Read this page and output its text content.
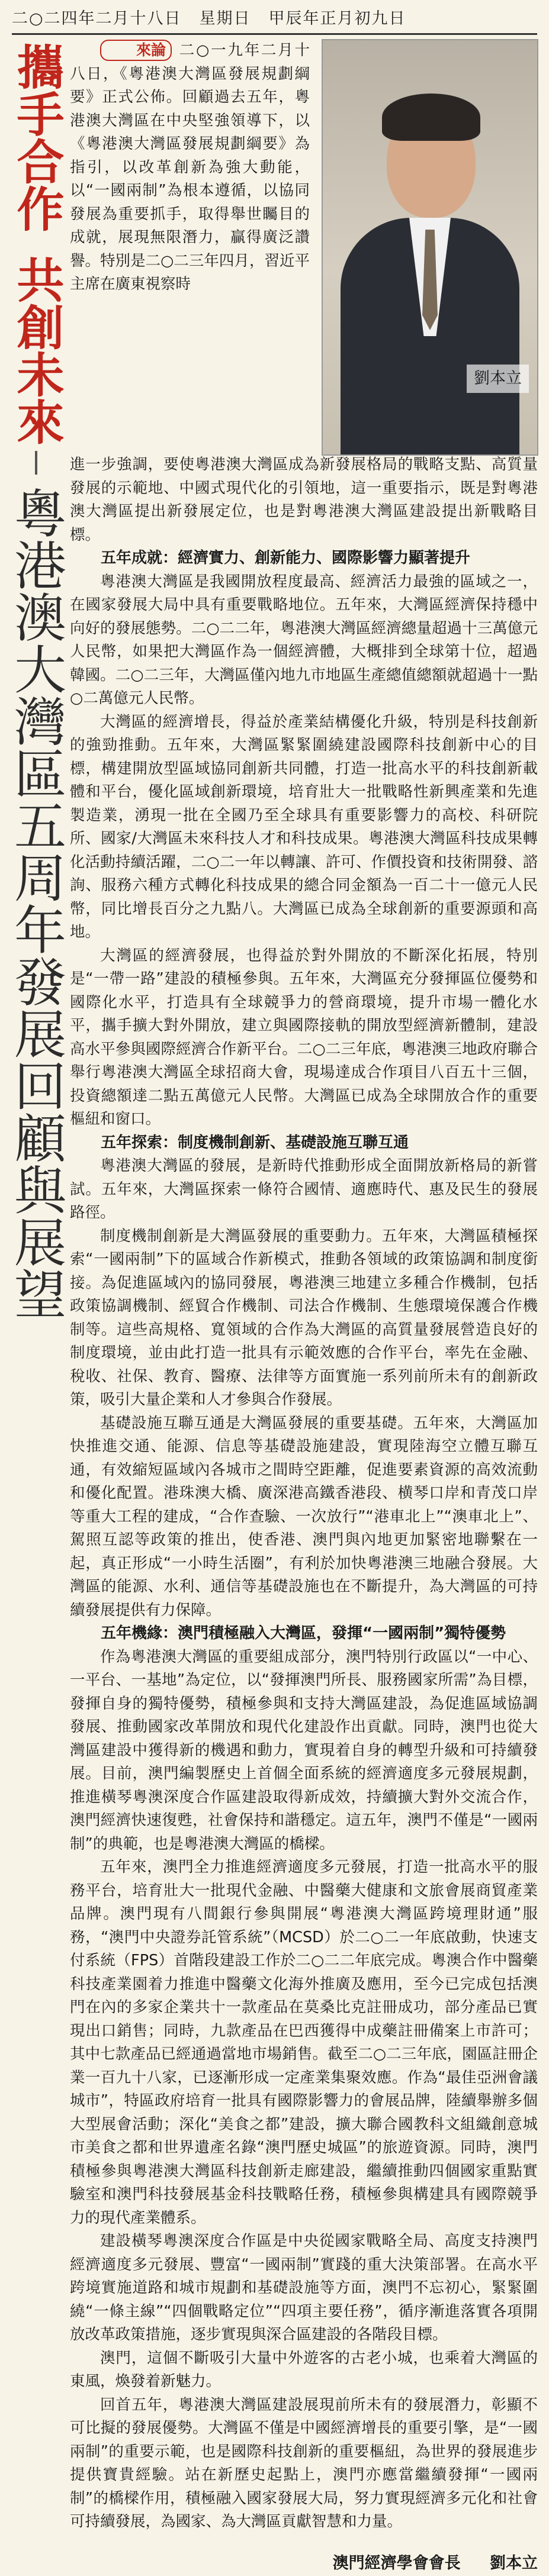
二○二四年二月十八日 星期日 甲辰年正月初九日
攜手合作
共創未來
粵港澳大灣區五周年發展回顧與展望

來論 二○一九年二月十八日，《粵港澳大灣區發展規劃綱要》正式公佈。回顧過去五年，粵港澳大灣區在中央堅強領導下，以《粵港澳大灣區發展規劃綱要》為指引，以改革創新為強大動能，以“一國兩制”為根本遵循，以協同發展為重要抓手，取得舉世矚目的成就，展現無限潛力，贏得廣泛讚譽。特別是二○二三年四月，習近平主席在廣東視察時

劉本立

進一步強調，要使粵港澳大灣區成為新發展格局的戰略支點、高質量發展的示範地、中國式現代化的引領地，這一重要指示，既是對粵港澳大灣區提出新發展定位，也是對粵港澳大灣區建設提出新戰略目標。

五年成就：經濟實力、創新能力、國際影響力顯著提升

粵港澳大灣區是我國開放程度最高、經濟活力最強的區域之一，在國家發展大局中具有重要戰略地位。五年來，大灣區經濟保持穩中向好的發展態勢。二○二二年，粵港澳大灣區經濟總量超過十三萬億元人民幣，如果把大灣區作為一個經濟體，大概排到全球第十位，超過韓國。二○二三年，大灣區僅內地九市地區生產總值總額就超過十一點○二萬億元人民幣。

大灣區的經濟增長，得益於產業結構優化升級，特別是科技創新的強勁推動。五年來，大灣區緊緊圍繞建設國際科技創新中心的目標，構建開放型區域協同創新共同體，打造一批高水平的科技創新載體和平台，優化區域創新環境，培育壯大一批戰略性新興產業和先進製造業，湧現一批在全國乃至全球具有重要影響力的高校、科研院所、國家/大灣區未來科技人才和科技成果。粵港澳大灣區科技成果轉化活動持續活躍，二○二一年以轉讓、許可、作價投資和技術開發、諮詢、服務六種方式轉化科技成果的總合同金額為一百二十一億元人民幣，同比增長百分之九點八。大灣區已成為全球創新的重要源頭和高地。

大灣區的經濟發展，也得益於對外開放的不斷深化拓展，特別是“一帶一路”建設的積極參與。五年來，大灣區充分發揮區位優勢和國際化水平，打造具有全球競爭力的營商環境，提升市場一體化水平，攜手擴大對外開放，建立與國際接軌的開放型經濟新體制，建設高水平參與國際經濟合作新平台。二○二三年底，粵港澳三地政府聯合舉行粵港澳大灣區全球招商大會，現場達成合作項目八百五十三個，投資總額達二點五萬億元人民幣。大灣區已成為全球開放合作的重要樞紐和窗口。

五年探索：制度機制創新、基礎設施互聯互通

粵港澳大灣區的發展，是新時代推動形成全面開放新格局的新嘗試。五年來，大灣區探索一條符合國情、適應時代、惠及民生的發展路徑。

制度機制創新是大灣區發展的重要動力。五年來，大灣區積極探索“一國兩制”下的區域合作新模式，推動各領域的政策協調和制度銜接。為促進區域內的協同發展，粵港澳三地建立多種合作機制，包括政策協調機制、經貿合作機制、司法合作機制、生態環境保護合作機制等。這些高規格、寬領域的合作為大灣區的高質量發展營造良好的制度環境，並由此打造一批具有示範效應的合作平台，率先在金融、稅收、社保、教育、醫療、法律等方面實施一系列前所未有的創新政策，吸引大量企業和人才參與合作發展。

基礎設施互聯互通是大灣區發展的重要基礎。五年來，大灣區加快推進交通、能源、信息等基礎設施建設，實現陸海空立體互聯互通，有效縮短區域內各城市之間時空距離，促進要素資源的高效流動和優化配置。港珠澳大橋、廣深港高鐵香港段、横琴口岸和青茂口岸等重大工程的建成，“合作查驗、一次放行”“港車北上”“澳車北上”、駕照互認等政策的推出，使香港、澳門與內地更加緊密地聯繫在一起，真正形成“一小時生活圈”，有利於加快粵港澳三地融合發展。大灣區的能源、水利、通信等基礎設施也在不斷提升，為大灣區的可持續發展提供有力保障。

五年機緣：澳門積極融入大灣區，發揮“一國兩制”獨特優勢

作為粵港澳大灣區的重要組成部分，澳門特別行政區以“一中心、一平台、一基地”為定位，以“發揮澳門所長、服務國家所需”為目標，發揮自身的獨特優勢，積極參與和支持大灣區建設，為促進區域協調發展、推動國家改革開放和現代化建設作出貢獻。同時，澳門也從大灣區建設中獲得新的機遇和動力，實現着自身的轉型升級和可持續發展。目前，澳門編製歷史上首個全面系統的經濟適度多元發展規劃，推進橫琴粵澳深度合作區建設取得新成效，持續擴大對外交流合作，澳門經濟快速復甦，社會保持和諧穩定。這五年，澳門不僅是“一國兩制”的典範，也是粵港澳大灣區的橋樑。

五年來，澳門全力推進經濟適度多元發展，打造一批高水平的服務平台，培育壯大一批現代金融、中醫藥大健康和文旅會展商貿產業品牌。澳門現有八間銀行參與開展“粵港澳大灣區跨境理財通”服務，“澳門中央證券託管系統”（MCSD）於二○二一年底啟動，快速支付系統（FPS）首階段建設工作於二○二二年底完成。粵澳合作中醫藥科技產業園着力推進中醫藥文化海外推廣及應用，至今已完成包括澳門在內的多家企業共十一款產品在莫桑比克註冊成功，部分產品已實現出口銷售；同時，九款產品在巴西獲得中成藥註冊備案上市許可；其中七款產品已經通過當地市場銷售。截至二○二三年底，園區註冊企業一百九十八家，已逐漸形成一定產業集聚效應。作為“最佳亞洲會議城市”，特區政府培育一批具有國際影響力的會展品牌，陸續舉辦多個大型展會活動；深化“美食之都”建設，擴大聯合國教科文組織創意城市美食之都和世界遺產名錄“澳門歷史城區”的旅遊資源。同時，澳門積極參與粵港澳大灣區科技創新走廊建設，繼續推動四個國家重點實驗室和澳門科技發展基金科技戰略任務，積極參與構建具有國際競爭力的現代產業體系。

建設橫琴粵澳深度合作區是中央從國家戰略全局、高度支持澳門經濟適度多元發展、豐富“一國兩制”實踐的重大決策部署。在高水平跨境實施道路和城市規劃和基礎設施等方面，澳門不忘初心，緊緊圍繞“一條主線”“四個戰略定位”“四項主要任務”，循序漸進落實各項開放改革政策措施，逐步實現與深合區建設的各階段目標。

澳門，這個不斷吸引大量中外遊客的古老小城，也乘着大灣區的東風，煥發着新魅力。

回首五年，粵港澳大灣區建設展現前所未有的發展潛力，彰顯不可比擬的發展優勢。大灣區不僅是中國經濟增長的重要引擎，是“一國兩制”的重要示範，也是國際科技創新的重要樞紐，為世界的發展進步提供寶貴經驗。站在新歷史起點上，澳門亦應當繼續發揮“一國兩制”的橋樑作用，積極融入國家發展大局，努力實現經濟多元化和社會可持續發展，為國家、為大灣區貢獻智慧和力量。

澳門經濟學會會長 劉本立
